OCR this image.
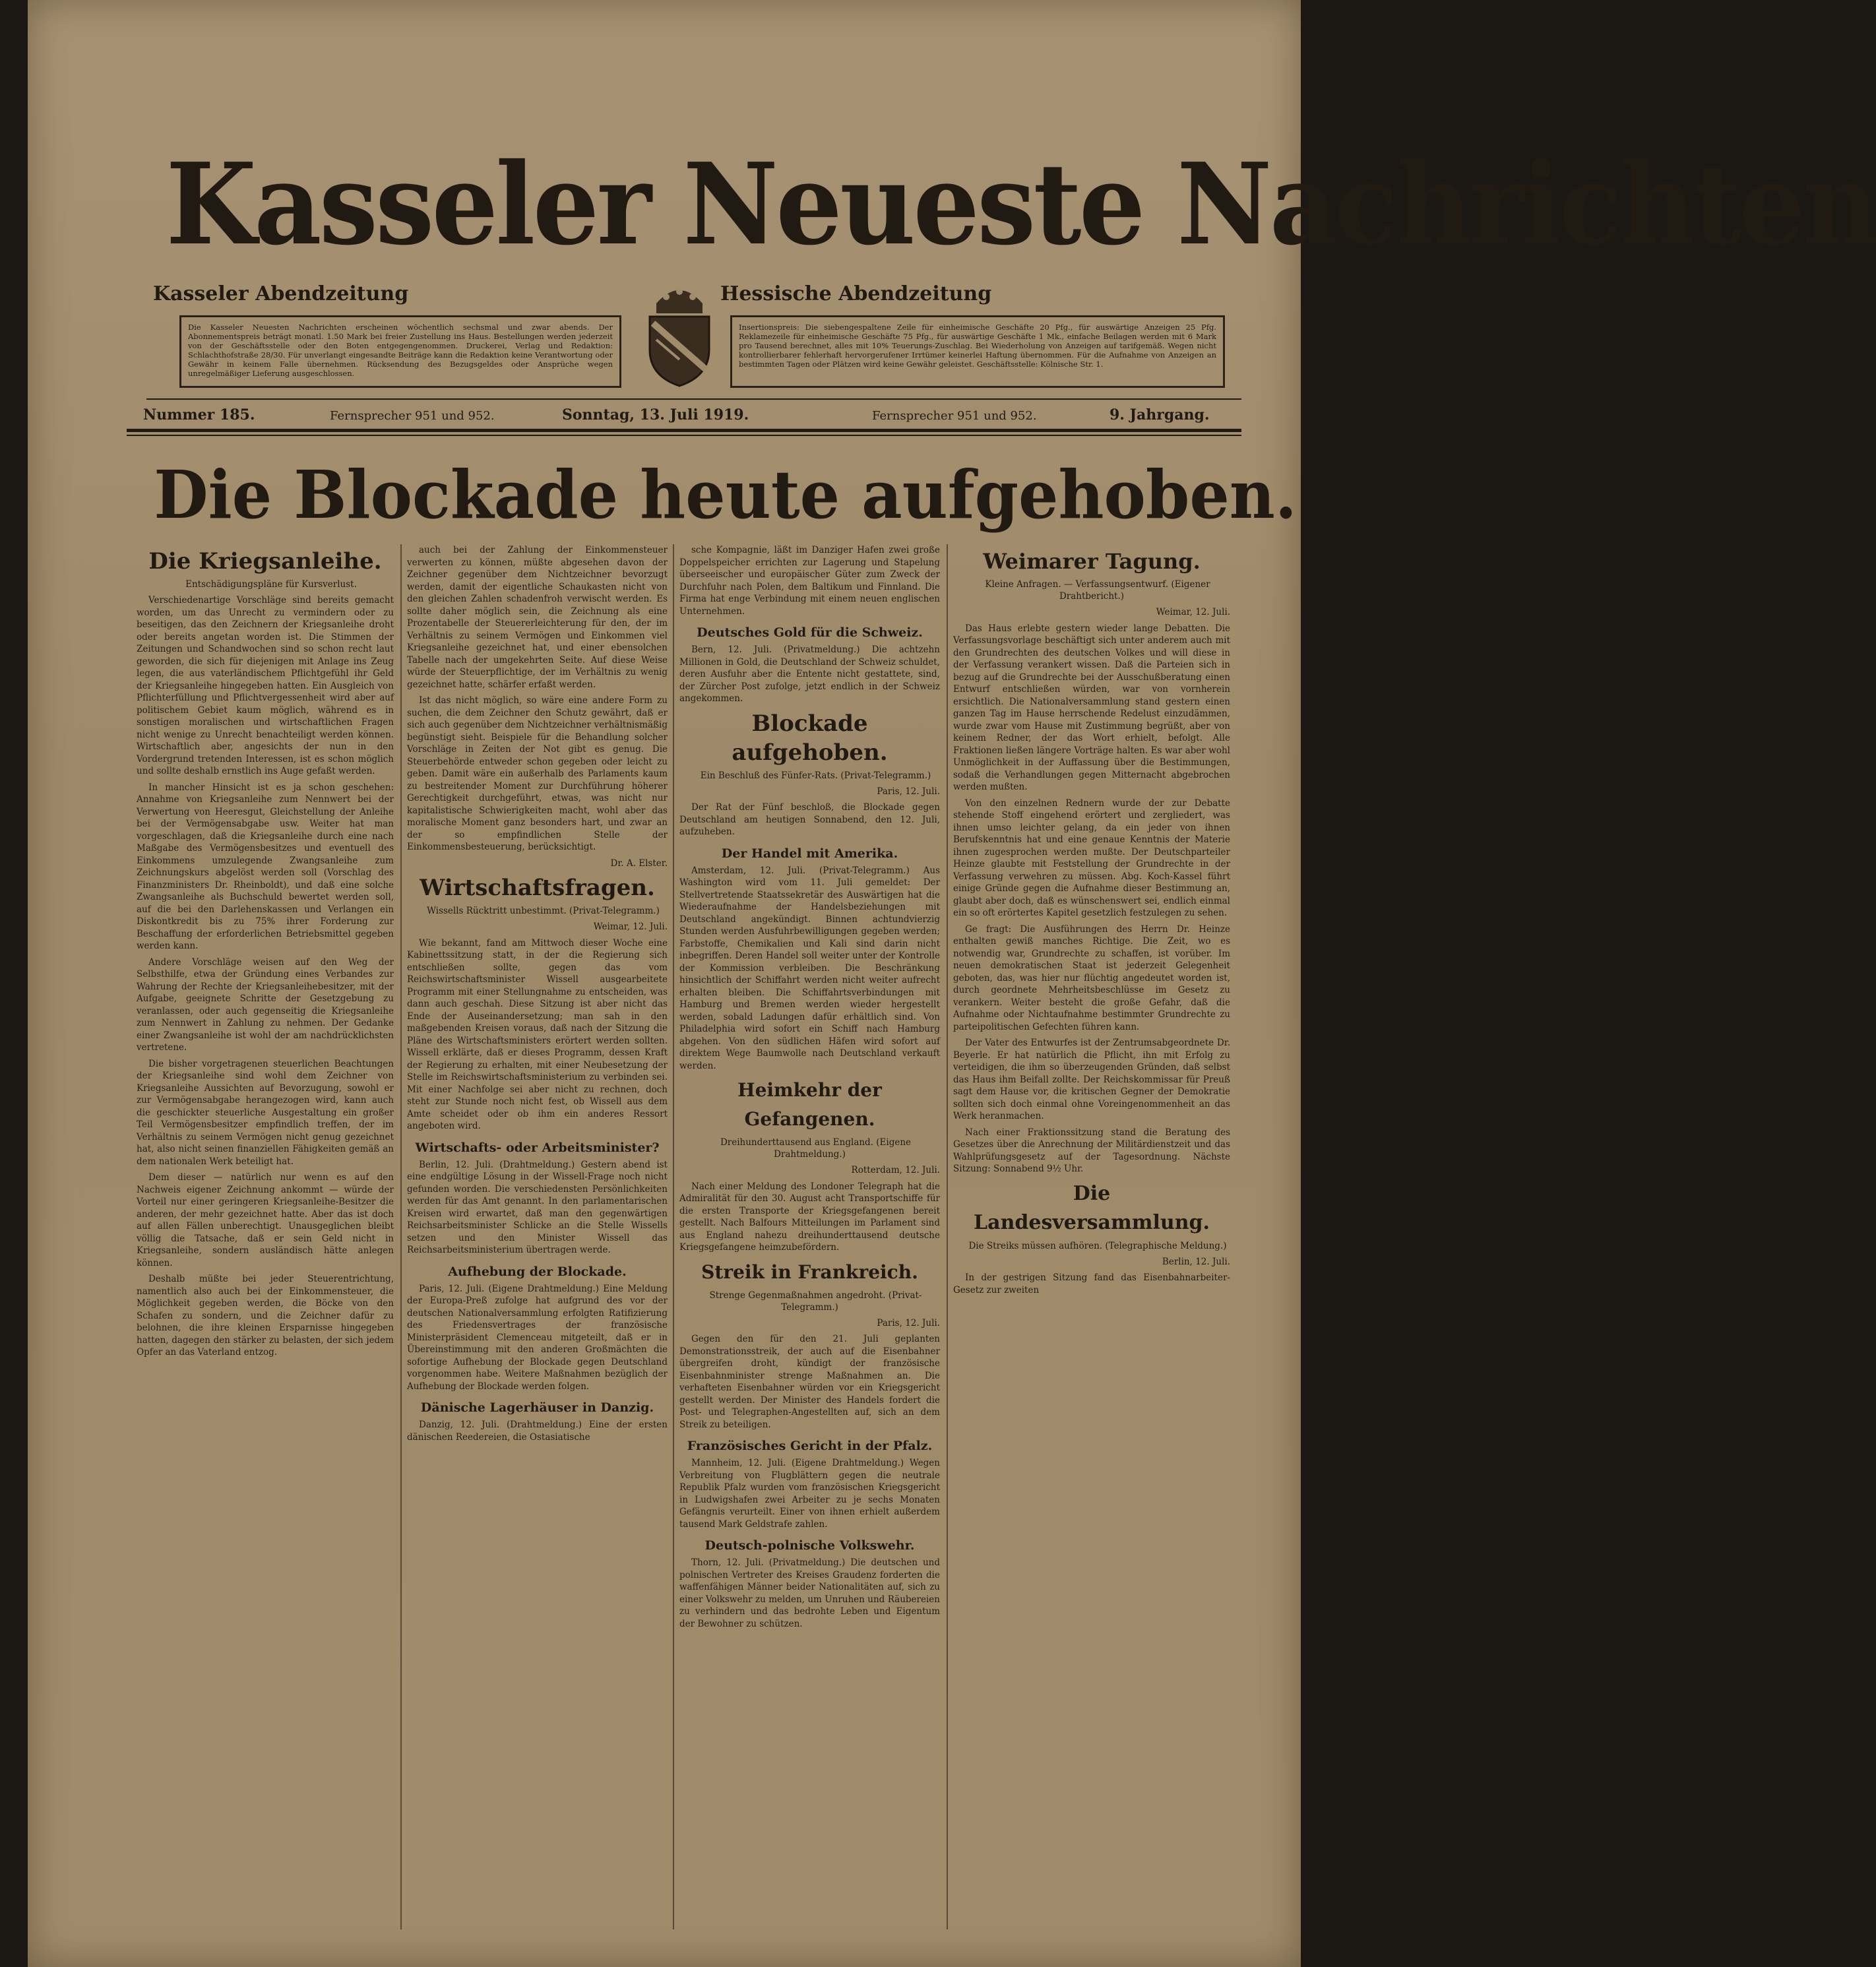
Kasseler Neueste Nachrichten
Kasseler Abendzeitung	Hessische Abendzeitung
Die Kasseler Neuesten Nachrichten erscheinen wöchentlich sechsmal und zwar abends. Der Abonnementspreis beträgt monatl. 1.50 Mark bei freier Zustellung ins Haus. Bestellungen werden jederzeit von der Geschäftsstelle oder den Boten entgegengenommen. Druckerei, Verlag und Redaktion: Schlachthofstraße 28/30. Für unverlangt eingesandte Beiträge kann die Redaktion keine Verantwortung oder Gewähr in keinem Falle übernehmen. Rücksendung des Bezugsgeldes oder Ansprüche wegen unregelmäßiger Lieferung ausgeschlossen.
Insertionspreis: Die siebengespaltene Zeile für einheimische Geschäfte 20 Pfg., für auswärtige Anzeigen 25 Pfg. Reklamezeile für einheimische Geschäfte 75 Pfg., für auswärtige Geschäfte 1 Mk., einfache Beilagen werden mit 6 Mark pro Tausend berechnet, alles mit 10% Teuerungs-Zuschlag. Bei Wiederholung von Anzeigen auf tarifgemäß. Wegen nicht kontrollierbarer fehlerhaft hervorgerufener Irrtümer keinerlei Haftung übernommen. Für die Aufnahme von Anzeigen an bestimmten Tagen oder Plätzen wird keine Gewähr geleistet. Geschäftsstelle: Kölnische Str. 1.
Nummer 185.	Fernsprecher 951 und 952.	Sonntag, 13. Juli 1919.	Fernsprecher 951 und 952.	9. Jahrgang.
Die Blockade heute aufgehoben.
Die Kriegsanleihe.

Entschädigungspläne für Kursverlust.

Verschiedenartige Vorschläge sind bereits gemacht worden, um das Unrecht zu vermindern oder zu beseitigen, das den Zeichnern der Kriegsanleihe droht oder bereits angetan worden ist. Die Stimmen der Zeitungen und Schandwochen sind so schon recht laut geworden, die sich für diejenigen mit Anlage ins Zeug legen, die aus vaterländischem Pflichtgefühl ihr Geld der Kriegsanleihe hingegeben hatten. Ein Ausgleich von Pflichterfüllung und Pflichtvergessenheit wird aber auf politischem Gebiet kaum möglich, während es in sonstigen moralischen und wirtschaftlichen Fragen nicht wenige zu Unrecht benachteiligt werden können. Wirtschaftlich aber, angesichts der nun in den Vordergrund tretenden Interessen, ist es schon möglich und sollte deshalb ernstlich ins Auge gefaßt werden.

In mancher Hinsicht ist es ja schon geschehen: Annahme von Kriegsanleihe zum Nennwert bei der Verwertung von Heeresgut, Gleichstellung der Anleihe bei der Vermögensabgabe usw. Weiter hat man vorgeschlagen, daß die Kriegsanleihe durch eine nach Maßgabe des Vermögensbesitzes und eventuell des Einkommens umzulegende Zwangsanleihe zum Zeichnungskurs abgelöst werden soll (Vorschlag des Finanzministers Dr. Rheinboldt), und daß eine solche Zwangsanleihe als Buchschuld bewertet werden soll, auf die bei den Darlehenskassen und Verlangen ein Diskontkredit bis zu 75% ihrer Forderung zur Beschaffung der erforderlichen Betriebsmittel gegeben werden kann.

Andere Vorschläge weisen auf den Weg der Selbsthilfe, etwa der Gründung eines Verbandes zur Wahrung der Rechte der Kriegsanleihebesitzer, mit der Aufgabe, geeignete Schritte der Gesetzgebung zu veranlassen, oder auch gegenseitig die Kriegsanleihe zum Nennwert in Zahlung zu nehmen. Der Gedanke einer Zwangsanleihe ist wohl der am nachdrücklichsten vertretene.

Die bisher vorgetragenen steuerlichen Beachtungen der Kriegsanleihe sind wohl dem Zeichner von Kriegsanleihe Aussichten auf Bevorzugung, sowohl er zur Vermögensabgabe herangezogen wird, kann auch die geschickter steuerliche Ausgestaltung ein großer Teil Vermögensbesitzer empfindlich treffen, der im Verhältnis zu seinem Vermögen nicht genug gezeichnet hat, also nicht seinen finanziellen Fähigkeiten gemäß an dem nationalen Werk beteiligt hat.

Dem dieser — natürlich nur wenn es auf den Nachweis eigener Zeichnung ankommt — würde der Vorteil nur einer geringeren Kriegsanleihe-Besitzer die anderen, der mehr gezeichnet hatte. Aber das ist doch auf allen Fällen unberechtigt. Unausgeglichen bleibt völlig die Tatsache, daß er sein Geld nicht in Kriegsanleihe, sondern ausländisch hätte anlegen können.

Deshalb müßte bei jeder Steuerentrichtung, namentlich also auch bei der Einkommensteuer, die Möglichkeit gegeben werden, die Böcke von den Schafen zu sondern, und die Zeichner dafür zu belohnen, die ihre kleinen Ersparnisse hingegeben hatten, dagegen den stärker zu belasten, der sich jedem Opfer an das Vaterland entzog.

auch bei der Zahlung der Einkommensteuer verwerten zu können, müßte abgesehen davon der Zeichner gegenüber dem Nichtzeichner bevorzugt werden, damit der eigentliche Schaukasten nicht von den gleichen Zahlen schadenfroh verwischt werden. Es sollte daher möglich sein, die Zeichnung als eine Prozentabelle der Steuererleichterung für den, der im Verhältnis zu seinem Vermögen und Einkommen viel Kriegsanleihe gezeichnet hat, und einer ebensolchen Tabelle nach der umgekehrten Seite. Auf diese Weise würde der Steuerpflichtige, der im Verhältnis zu wenig gezeichnet hatte, schärfer erfaßt werden.

Ist das nicht möglich, so wäre eine andere Form zu suchen, die dem Zeichner den Schutz gewährt, daß er sich auch gegenüber dem Nichtzeichner verhältnismäßig begünstigt sieht. Beispiele für die Behandlung solcher Vorschläge in Zeiten der Not gibt es genug. Die Steuerbehörde entweder schon gegeben oder leicht zu geben. Damit wäre ein außerhalb des Parlaments kaum zu bestreitender Moment zur Durchführung höherer Gerechtigkeit durchgeführt, etwas, was nicht nur kapitalistische Schwierigkeiten macht, wohl aber das moralische Moment ganz besonders hart, und zwar an der so empfindlichen Stelle der Einkommensbesteuerung, berücksichtigt.

Dr. A. Elster.

Wirtschaftsfragen.

Wissells Rücktritt unbestimmt. (Privat-Telegramm.)

Weimar, 12. Juli.

Wie bekannt, fand am Mittwoch dieser Woche eine Kabinettssitzung statt, in der die Regierung sich entschließen sollte, gegen das vom Reichswirtschaftsminister Wissell ausgearbeitete Programm mit einer Stellungnahme zu entscheiden, was dann auch geschah. Diese Sitzung ist aber nicht das Ende der Auseinandersetzung; man sah in den maßgebenden Kreisen voraus, daß nach der Sitzung die Pläne des Wirtschaftsministers erörtert werden sollten. Wissell erklärte, daß er dieses Programm, dessen Kraft der Regierung zu erhalten, mit einer Neubesetzung der Stelle im Reichswirtschaftsministerium zu verbinden sei. Mit einer Nachfolge sei aber nicht zu rechnen, doch steht zur Stunde noch nicht fest, ob Wissell aus dem Amte scheidet oder ob ihm ein anderes Ressort angeboten wird.

Wirtschafts- oder Arbeitsminister?

Berlin, 12. Juli. (Drahtmeldung.) Gestern abend ist eine endgültige Lösung in der Wissell-Frage noch nicht gefunden worden. Die verschiedensten Persönlichkeiten werden für das Amt genannt. In den parlamentarischen Kreisen wird erwartet, daß man den gegenwärtigen Reichsarbeitsminister Schlicke an die Stelle Wissells setzen und den Minister Wissell das Reichsarbeitsministerium übertragen werde.

Aufhebung der Blockade.

Paris, 12. Juli. (Eigene Drahtmeldung.) Eine Meldung der Europa-Preß zufolge hat aufgrund des vor der deutschen Nationalversammlung erfolgten Ratifizierung des Friedensvertrages der französische Ministerpräsident Clemenceau mitgeteilt, daß er in Übereinstimmung mit den anderen Großmächten die sofortige Aufhebung der Blockade gegen Deutschland vorgenommen habe. Weitere Maßnahmen bezüglich der Aufhebung der Blockade werden folgen.

Dänische Lagerhäuser in Danzig.

Danzig, 12. Juli. (Drahtmeldung.) Eine der ersten dänischen Reedereien, die Ostasiatische

sche Kompagnie, läßt im Danziger Hafen zwei große Doppelspeicher errichten zur Lagerung und Stapelung überseeischer und europäischer Güter zum Zweck der Durchfuhr nach Polen, dem Baltikum und Finnland. Die Firma hat enge Verbindung mit einem neuen englischen Unternehmen.

Deutsches Gold für die Schweiz.

Bern, 12. Juli. (Privatmeldung.) Die achtzehn Millionen in Gold, die Deutschland der Schweiz schuldet, deren Ausfuhr aber die Entente nicht gestattete, sind, der Zürcher Post zufolge, jetzt endlich in der Schweiz angekommen.

Blockade aufgehoben.

Ein Beschluß des Fünfer-Rats. (Privat-Telegramm.)

Paris, 12. Juli.

Der Rat der Fünf beschloß, die Blockade gegen Deutschland am heutigen Sonnabend, den 12. Juli, aufzuheben.

Der Handel mit Amerika.

Amsterdam, 12. Juli. (Privat-Telegramm.) Aus Washington wird vom 11. Juli gemeldet: Der Stellvertretende Staatssekretär des Auswärtigen hat die Wiederaufnahme der Handelsbeziehungen mit Deutschland angekündigt. Binnen achtundvierzig Stunden werden Ausfuhrbewilligungen gegeben werden; Farbstoffe, Chemikalien und Kali sind darin nicht inbegriffen. Deren Handel soll weiter unter der Kontrolle der Kommission verbleiben. Die Beschränkung hinsichtlich der Schiffahrt werden nicht weiter aufrecht erhalten bleiben. Die Schiffahrtsverbindungen mit Hamburg und Bremen werden wieder hergestellt werden, sobald Ladungen dafür erhältlich sind. Von Philadelphia wird sofort ein Schiff nach Hamburg abgehen. Von den südlichen Häfen wird sofort auf direktem Wege Baumwolle nach Deutschland verkauft werden.

Heimkehr der Gefangenen.

Dreihunderttausend aus England. (Eigene Drahtmeldung.)

Rotterdam, 12. Juli.

Nach einer Meldung des Londoner Telegraph hat die Admiralität für den 30. August acht Transportschiffe für die ersten Transporte der Kriegsgefangenen bereit gestellt. Nach Balfours Mitteilungen im Parlament sind aus England nahezu dreihunderttausend deutsche Kriegsgefangene heimzubefördern.

Streik in Frankreich.

Strenge Gegenmaßnahmen angedroht. (Privat-Telegramm.)

Paris, 12. Juli.

Gegen den für den 21. Juli geplanten Demonstrationsstreik, der auch auf die Eisenbahner übergreifen droht, kündigt der französische Eisenbahnminister strenge Maßnahmen an. Die verhafteten Eisenbahner würden vor ein Kriegsgericht gestellt werden. Der Minister des Handels fordert die Post- und Telegraphen-Angestellten auf, sich an dem Streik zu beteiligen.

Französisches Gericht in der Pfalz.

Mannheim, 12. Juli. (Eigene Drahtmeldung.) Wegen Verbreitung von Flugblättern gegen die neutrale Republik Pfalz wurden vom französischen Kriegsgericht in Ludwigshafen zwei Arbeiter zu je sechs Monaten Gefängnis verurteilt. Einer von ihnen erhielt außerdem tausend Mark Geldstrafe zahlen.

Deutsch-polnische Volkswehr.

Thorn, 12. Juli. (Privatmeldung.) Die deutschen und polnischen Vertreter des Kreises Graudenz forderten die waffenfähigen Männer beider Nationalitäten auf, sich zu einer Volkswehr zu melden, um Unruhen und Räubereien zu verhindern und das bedrohte Leben und Eigentum der Bewohner zu schützen.

Weimarer Tagung.

Kleine Anfragen. — Verfassungsentwurf. (Eigener Drahtbericht.)

Weimar, 12. Juli.

Das Haus erlebte gestern wieder lange Debatten. Die Verfassungsvorlage beschäftigt sich unter anderem auch mit den Grundrechten des deutschen Volkes und will diese in der Verfassung verankert wissen. Daß die Parteien sich in bezug auf die Grundrechte bei der Ausschußberatung einen Entwurf entschließen würden, war von vornherein ersichtlich. Die Nationalversammlung stand gestern einen ganzen Tag im Hause herrschende Redelust einzudämmen, wurde zwar vom Hause mit Zustimmung begrüßt, aber von keinem Redner, der das Wort erhielt, befolgt. Alle Fraktionen ließen längere Vorträge halten. Es war aber wohl Unmöglichkeit in der Auffassung über die Bestimmungen, sodaß die Verhandlungen gegen Mitternacht abgebrochen werden mußten.

Von den einzelnen Rednern wurde der zur Debatte stehende Stoff eingehend erörtert und zergliedert, was ihnen umso leichter gelang, da ein jeder von ihnen Berufskenntnis hat und eine genaue Kenntnis der Materie ihnen zugesprochen werden mußte. Der Deutschparteiler Heinze glaubte mit Feststellung der Grundrechte in der Verfassung verwehren zu müssen. Abg. Koch-Kassel führt einige Gründe gegen die Aufnahme dieser Bestimmung an, glaubt aber doch, daß es wünschenswert sei, endlich einmal ein so oft erörtertes Kapitel gesetzlich festzulegen zu sehen.

Ge fragt: Die Ausführungen des Herrn Dr. Heinze enthalten gewiß manches Richtige. Die Zeit, wo es notwendig war, Grundrechte zu schaffen, ist vorüber. Im neuen demokratischen Staat ist jederzeit Gelegenheit geboten, das, was hier nur flüchtig angedeutet worden ist, durch geordnete Mehrheitsbeschlüsse im Gesetz zu verankern. Weiter besteht die große Gefahr, daß die Aufnahme oder Nichtaufnahme bestimmter Grundrechte zu parteipolitischen Gefechten führen kann.

Der Vater des Entwurfes ist der Zentrumsabgeordnete Dr. Beyerle. Er hat natürlich die Pflicht, ihn mit Erfolg zu verteidigen, die ihm so überzeugenden Gründen, daß selbst das Haus ihm Beifall zollte. Der Reichskommissar für Preuß sagt dem Hause vor, die kritischen Gegner der Demokratie sollten sich doch einmal ohne Voreingenommenheit an das Werk heranmachen.

Nach einer Fraktionssitzung stand die Beratung des Gesetzes über die Anrechnung der Militärdienstzeit und das Wahlprüfungsgesetz auf der Tagesordnung. Nächste Sitzung: Sonnabend 9½ Uhr.

Die Landesversammlung.

Die Streiks müssen aufhören. (Telegraphische Meldung.)

Berlin, 12. Juli.

In der gestrigen Sitzung fand das Eisenbahnarbeiter-Gesetz zur zweiten
